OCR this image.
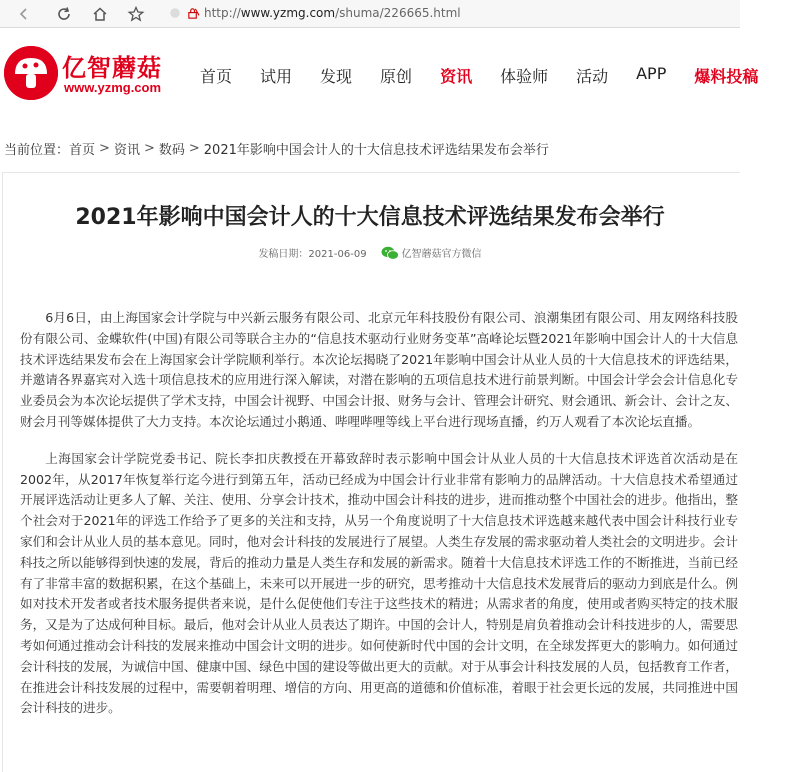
http://www.yzmg.com/shuma/226665.html
亿智蘑菇
www.yzmg.com
首页 试用 发现 原创 资讯 体验师 活动 APP 爆料投稿
当前位置： 首页 > 资讯 > 数码 > 2021年影响中国会计人的十大信息技术评选结果发布会举行
2021年影响中国会计人的十大信息技术评选结果发布会举行
发稿日期：2021-06-09	亿智蘑菇官方微信

6月6日，由上海国家会计学院与中兴新云服务有限公司、北京元年科技股份有限公司、浪潮集团有限公司、用友网络科技股份有限公司、金蝶软件(中国)有限公司等联合主办的“信息技术驱动行业财务变革”高峰论坛暨2021年影响中国会计人的十大信息技术评选结果发布会在上海国家会计学院顺利举行。本次论坛揭晓了2021年影响中国会计从业人员的十大信息技术的评选结果，并邀请各界嘉宾对入选十项信息技术的应用进行深入解读，对潜在影响的五项信息技术进行前景判断。中国会计学会会计信息化专业委员会为本次论坛提供了学术支持，中国会计视野、中国会计报、财务与会计、管理会计研究、财会通讯、新会计、会计之友、财会月刊等媒体提供了大力支持。本次论坛通过小鹅通、哔哩哔哩等线上平台进行现场直播，约万人观看了本次论坛直播。

上海国家会计学院党委书记、院长李扣庆教授在开幕致辞时表示影响中国会计从业人员的十大信息技术评选首次活动是在2002年，从2017年恢复举行迄今进行到第五年，活动已经成为中国会计行业非常有影响力的品牌活动。十大信息技术希望通过开展评选活动让更多人了解、关注、使用、分享会计技术，推动中国会计科技的进步，进而推动整个中国社会的进步。他指出，整个社会对于2021年的评选工作给予了更多的关注和支持，从另一个角度说明了十大信息技术评选越来越代表中国会计科技行业专家们和会计从业人员的基本意见。同时，他对会计科技的发展进行了展望。人类生存发展的需求驱动着人类社会的文明进步。会计科技之所以能够得到快速的发展，背后的推动力量是人类生存和发展的新需求。随着十大信息技术评选工作的不断推进，当前已经有了非常丰富的数据积累，在这个基础上，未来可以开展进一步的研究，思考推动十大信息技术发展背后的驱动力到底是什么。例如对技术开发者或者技术服务提供者来说，是什么促使他们专注于这些技术的精进；从需求者的角度，使用或者购买特定的技术服务，又是为了达成何种目标。最后，他对会计从业人员表达了期许。中国的会计人，特别是肩负着推动会计科技进步的人，需要思考如何通过推动会计科技的发展来推动中国会计文明的进步。如何使新时代中国的会计文明，在全球发挥更大的影响力。如何通过会计科技的发展，为诚信中国、健康中国、绿色中国的建设等做出更大的贡献。对于从事会计科技发展的人员，包括教育工作者，在推进会计科技发展的过程中，需要朝着明理、增信的方向、用更高的道德和价值标准，着眼于社会更长远的发展，共同推进中国会计科技的进步。
